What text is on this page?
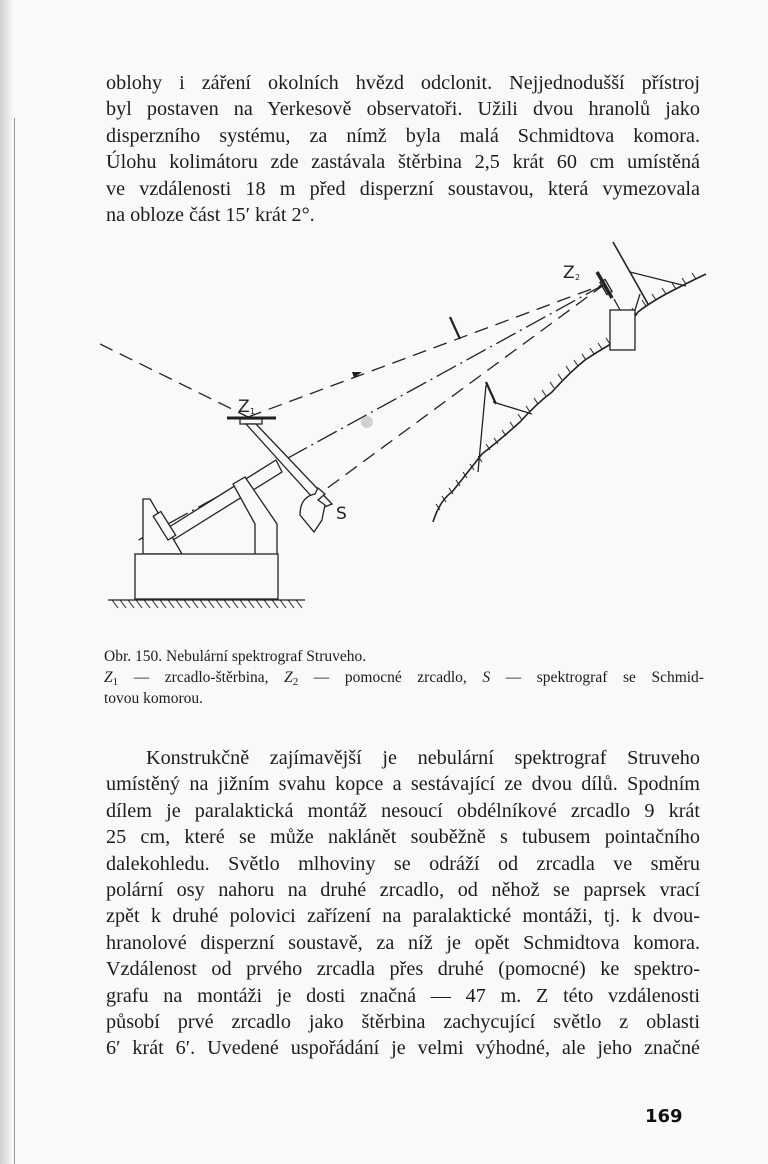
oblohy i záření okolních hvězd odclonit. Nejjednodušší přístroj
byl postaven na Yerkesově observatoři. Užili dvou hranolů jako
disperzního systému, za nímž byla malá Schmidtova komora.
Úlohu kolimátoru zde zastávala štěrbina 2,5 krát 60 cm umístěná
ve vzdálenosti 18 m před disperzní soustavou, která vymezovala
na obloze část 15′ krát 2°.
Z 1
Z 2
S
Obr. 150. Nebulární spektrograf Struveho.
$Z_1$ — zrcadlo-štěrbina, $Z_2$ — pomocné zrcadlo, S — spektrograf se Schmid-
tovou komorou.
Konstrukčně zajímavější je nebulární spektrograf Struveho
umístěný na jižním svahu kopce a sestávající ze dvou dílů. Spodním
dílem je paralaktická montáž nesoucí obdélníkové zrcadlo 9 krát
25 cm, které se může naklánět souběžně s tubusem pointačního
dalekohledu. Světlo mlhoviny se odráží od zrcadla ve směru
polární osy nahoru na druhé zrcadlo, od něhož se paprsek vrací
zpět k druhé polovici zařízení na paralaktické montáži, tj. k dvou-
hranolové disperzní soustavě, za níž je opět Schmidtova komora.
Vzdálenost od prvého zrcadla přes druhé (pomocné) ke spektro-
grafu na montáži je dosti značná — 47 m. Z této vzdálenosti
působí prvé zrcadlo jako štěrbina zachycující světlo z oblasti
6′ krát 6′. Uvedené uspořádání je velmi výhodné, ale jeho značné
169
